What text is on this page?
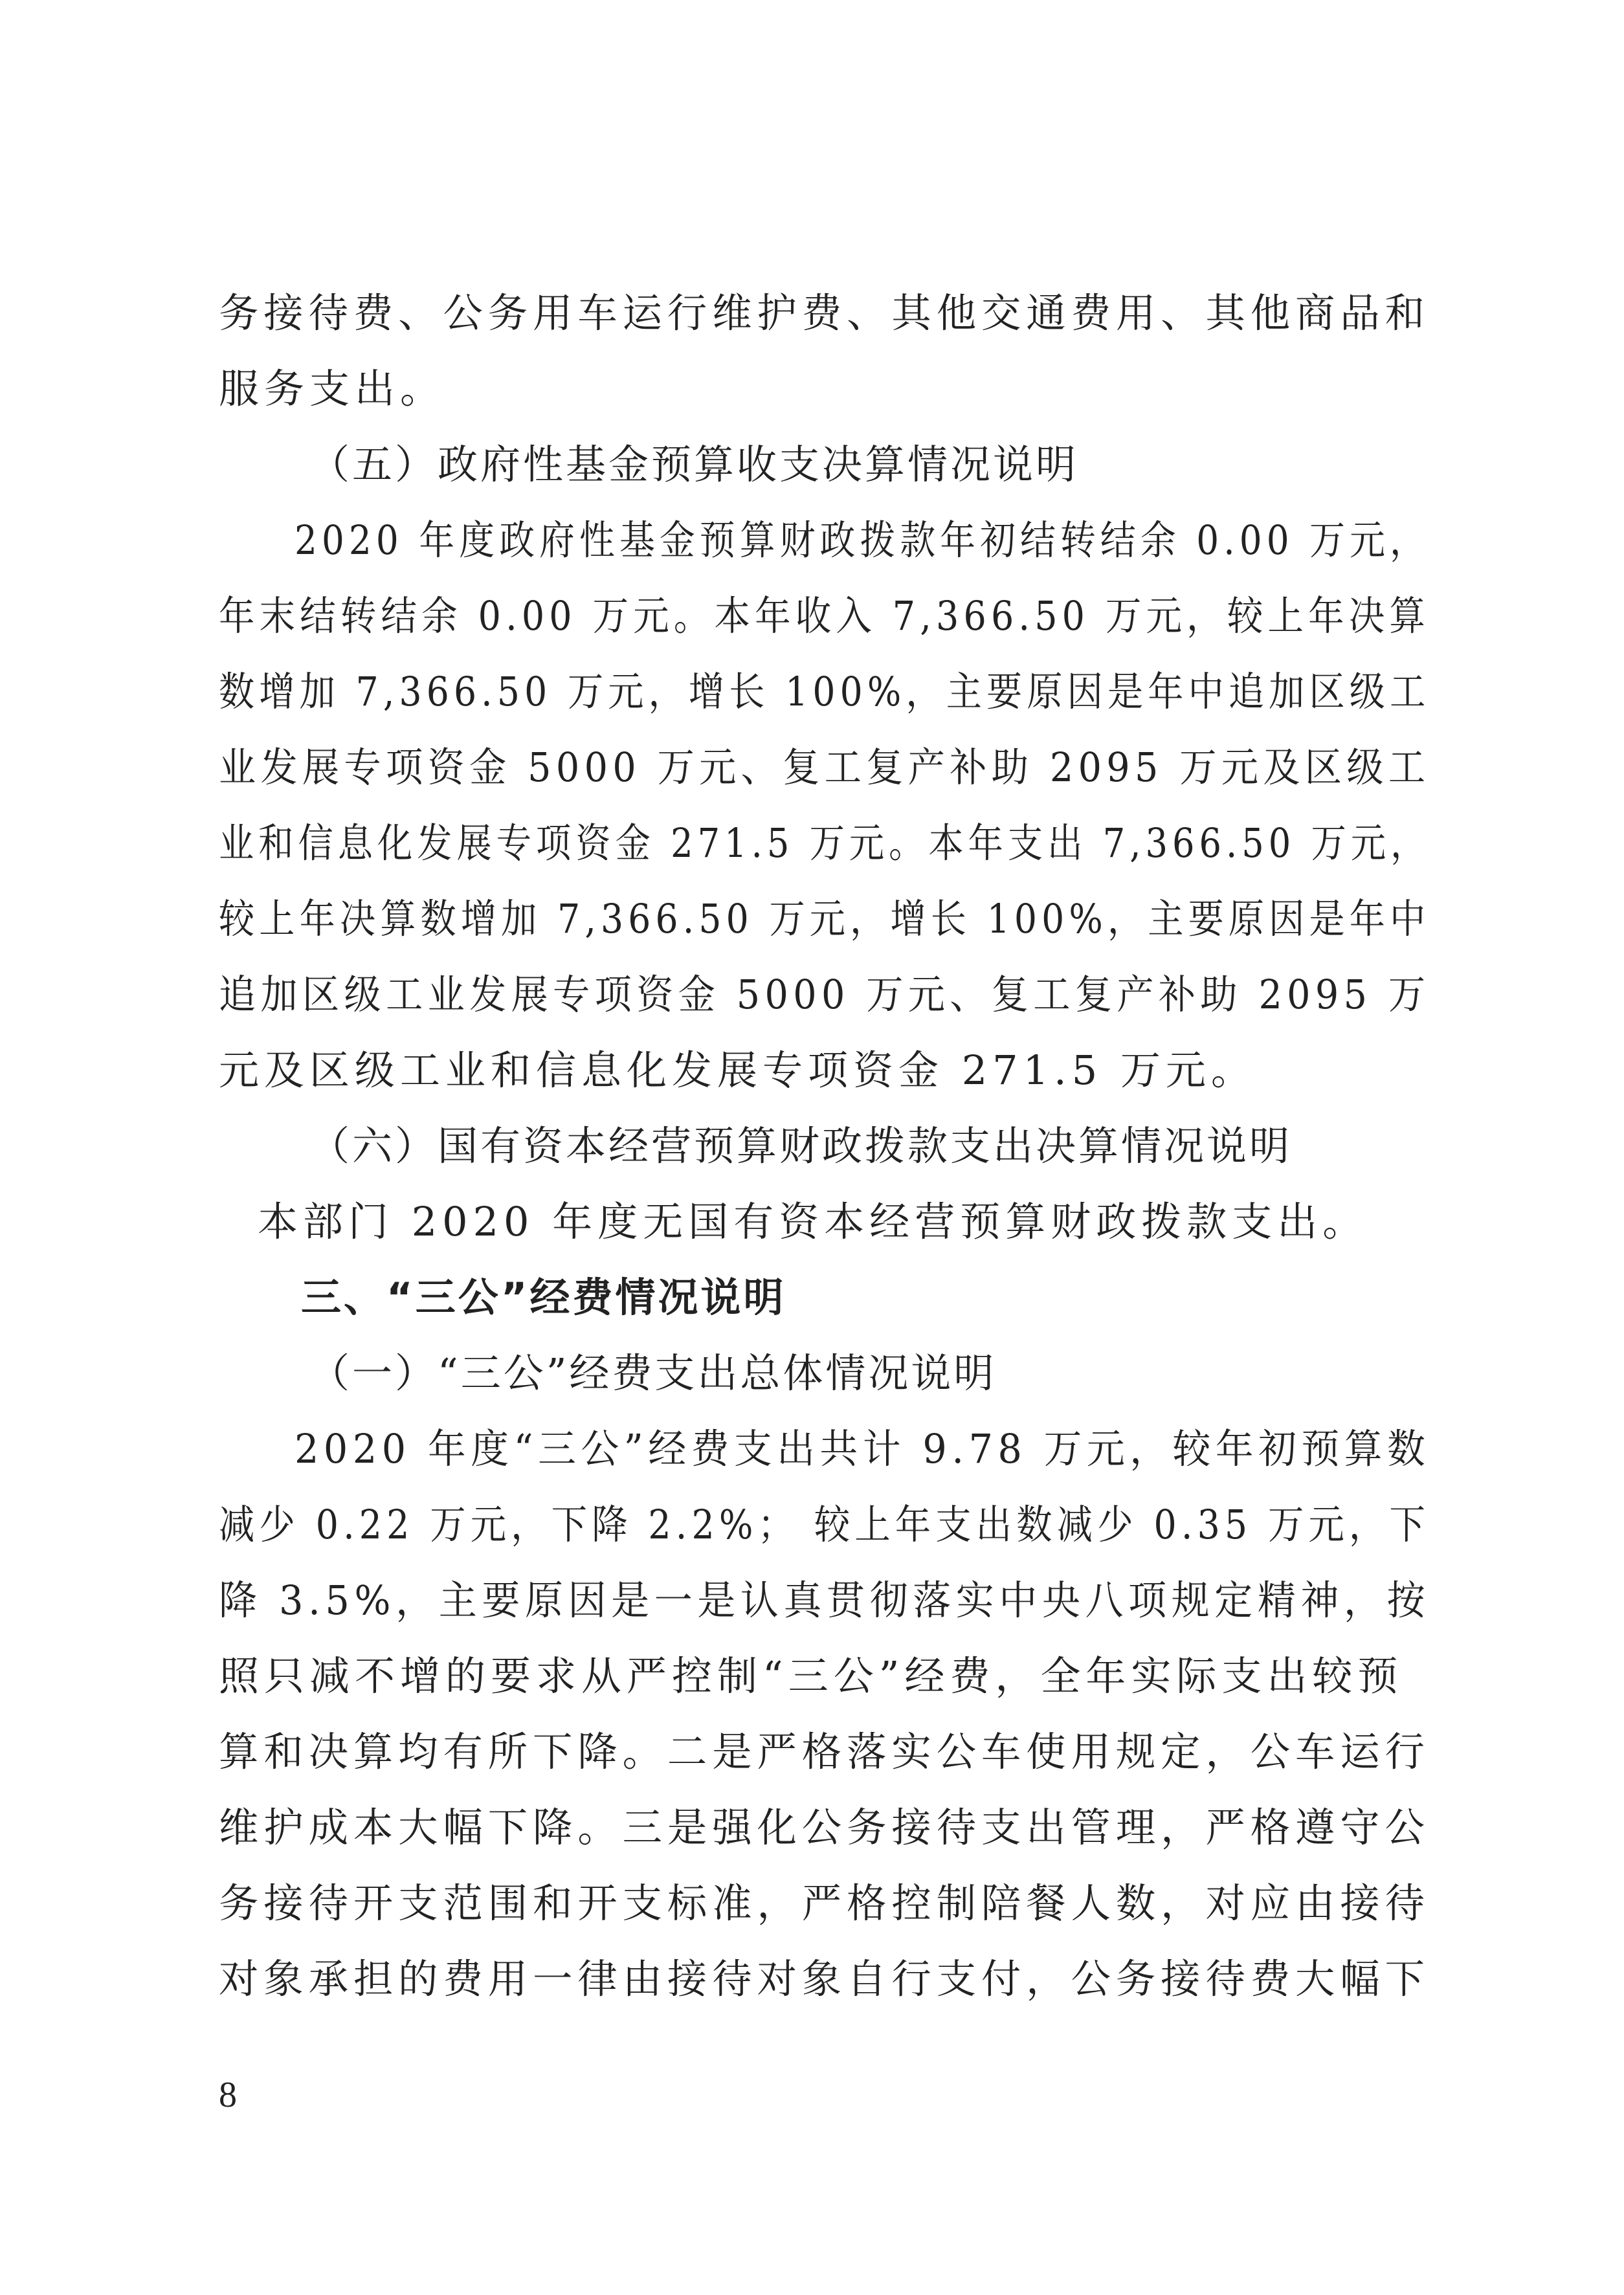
务接待费、公务用车运行维护费、其他交通费用、其他商品和
服务支出。
（五）政府性基金预算收支决算情况说明
2020 年度政府性基金预算财政拨款年初结转结余 0.00 万元，
年末结转结余 0.00 万元。本年收入 7,366.50 万元，较上年决算
数增加 7,366.50 万元，增长 100%，主要原因是年中追加区级工
业发展专项资金 5000 万元、复工复产补助 2095 万元及区级工
业和信息化发展专项资金 271.5 万元。本年支出 7,366.50 万元，
较上年决算数增加 7,366.50 万元，增长 100%，主要原因是年中
追加区级工业发展专项资金 5000 万元、复工复产补助 2095 万
元及区级工业和信息化发展专项资金 271.5 万元。
（六）国有资本经营预算财政拨款支出决算情况说明
本部门 2020 年度无国有资本经营预算财政拨款支出。
三、“三公”经费情况说明
（一）“三公”经费支出总体情况说明
2020 年度“三公”经费支出共计 9.78 万元，较年初预算数
减少 0.22 万元，下降 2.2%； 较上年支出数减少 0.35 万元，下
降 3.5%，主要原因是一是认真贯彻落实中央八项规定精神，按
照只减不增的要求从严控制“三公”经费，全年实际支出较预
算和决算均有所下降。二是严格落实公车使用规定，公车运行
维护成本大幅下降。三是强化公务接待支出管理，严格遵守公
务接待开支范围和开支标准，严格控制陪餐人数，对应由接待
对象承担的费用一律由接待对象自行支付，公务接待费大幅下
8
